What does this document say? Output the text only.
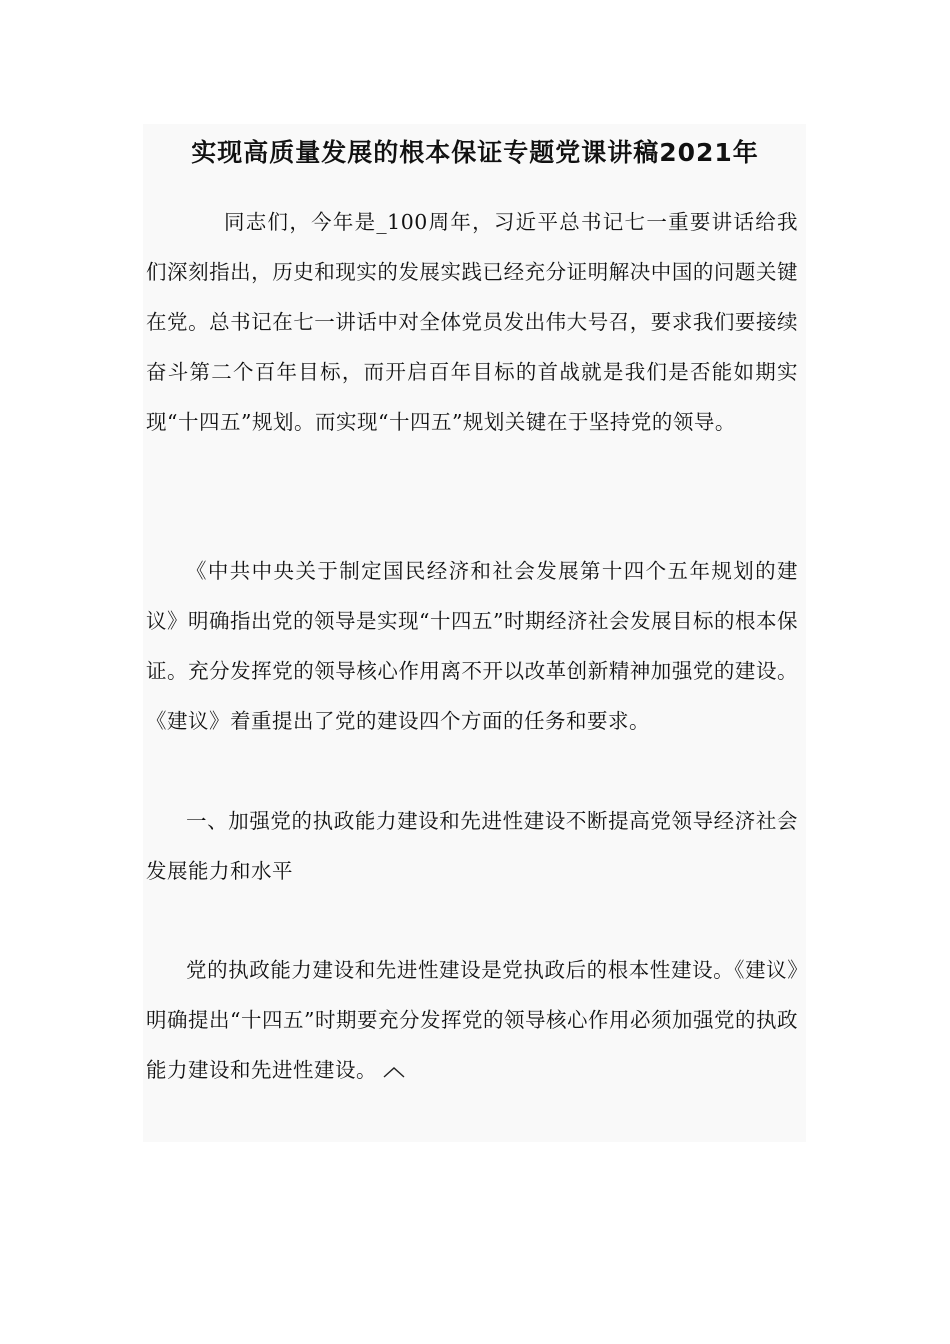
实现高质量发展的根本保证专题党课讲稿2021年

同志们，今年是_100周年，习近平总书记七一重要讲话给我们深刻指出，历史和现实的发展实践已经充分证明解决中国的问题关键在党。总书记在七一讲话中对全体党员发出伟大号召，要求我们要接续奋斗第二个百年目标，而开启百年目标的首战就是我们是否能如期实现“十四五”规划。而实现“十四五”规划关键在于坚持党的领导。

《中共中央关于制定国民经济和社会发展第十四个五年规划的建议》明确指出党的领导是实现“十四五”时期经济社会发展目标的根本保证。充分发挥党的领导核心作用离不开以改革创新精神加强党的建设。《建议》着重提出了党的建设四个方面的任务和要求。

一、加强党的执政能力建设和先进性建设不断提高党领导经济社会发展能力和水平

党的执政能力建设和先进性建设是党执政后的根本性建设。《建议》明确提出“十四五”时期要充分发挥党的领导核心作用必须加强党的执政能力建设和先进性建设。
